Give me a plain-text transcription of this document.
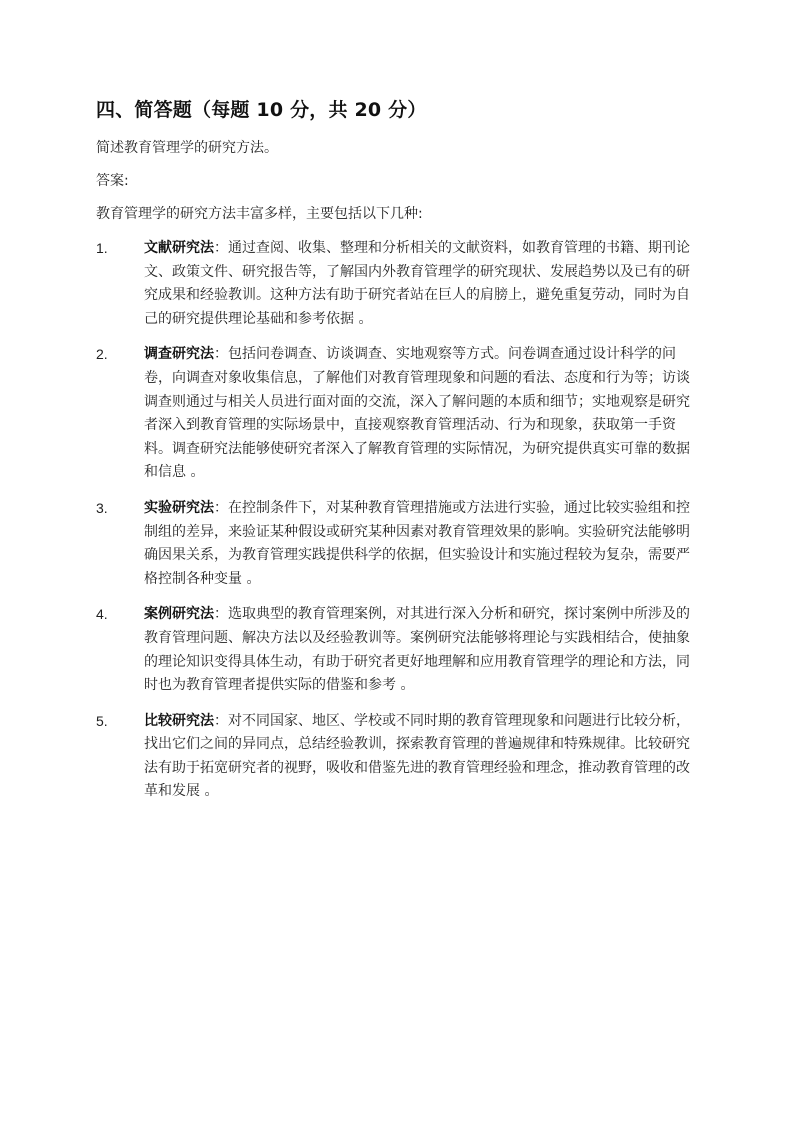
四、简答题（每题 10 分，共 20 分）

简述教育管理学的研究方法。

答案:

教育管理学的研究方法丰富多样，主要包括以下几种:

1.	文献研究法：通过查阅、收集、整理和分析相关的文献资料，如教育管理的书籍、期刊论文、政策文件、研究报告等，了解国内外教育管理学的研究现状、发展趋势以及已有的研究成果和经验教训。这种方法有助于研究者站在巨人的肩膀上，避免重复劳动，同时为自己的研究提供理论基础和参考依据 。
2.	调查研究法：包括问卷调查、访谈调查、实地观察等方式。问卷调查通过设计科学的问卷，向调查对象收集信息，了解他们对教育管理现象和问题的看法、态度和行为等；访谈调查则通过与相关人员进行面对面的交流，深入了解问题的本质和细节；实地观察是研究者深入到教育管理的实际场景中，直接观察教育管理活动、行为和现象，获取第一手资料。调查研究法能够使研究者深入了解教育管理的实际情况，为研究提供真实可靠的数据和信息 。
3.	实验研究法：在控制条件下，对某种教育管理措施或方法进行实验，通过比较实验组和控制组的差异，来验证某种假设或研究某种因素对教育管理效果的影响。实验研究法能够明确因果关系，为教育管理实践提供科学的依据，但实验设计和实施过程较为复杂，需要严格控制各种变量 。
4.	案例研究法：选取典型的教育管理案例，对其进行深入分析和研究，探讨案例中所涉及的教育管理问题、解决方法以及经验教训等。案例研究法能够将理论与实践相结合，使抽象的理论知识变得具体生动，有助于研究者更好地理解和应用教育管理学的理论和方法，同时也为教育管理者提供实际的借鉴和参考 。
5.	比较研究法：对不同国家、地区、学校或不同时期的教育管理现象和问题进行比较分析，找出它们之间的异同点，总结经验教训，探索教育管理的普遍规律和特殊规律。比较研究法有助于拓宽研究者的视野，吸收和借鉴先进的教育管理经验和理念，推动教育管理的改革和发展 。
